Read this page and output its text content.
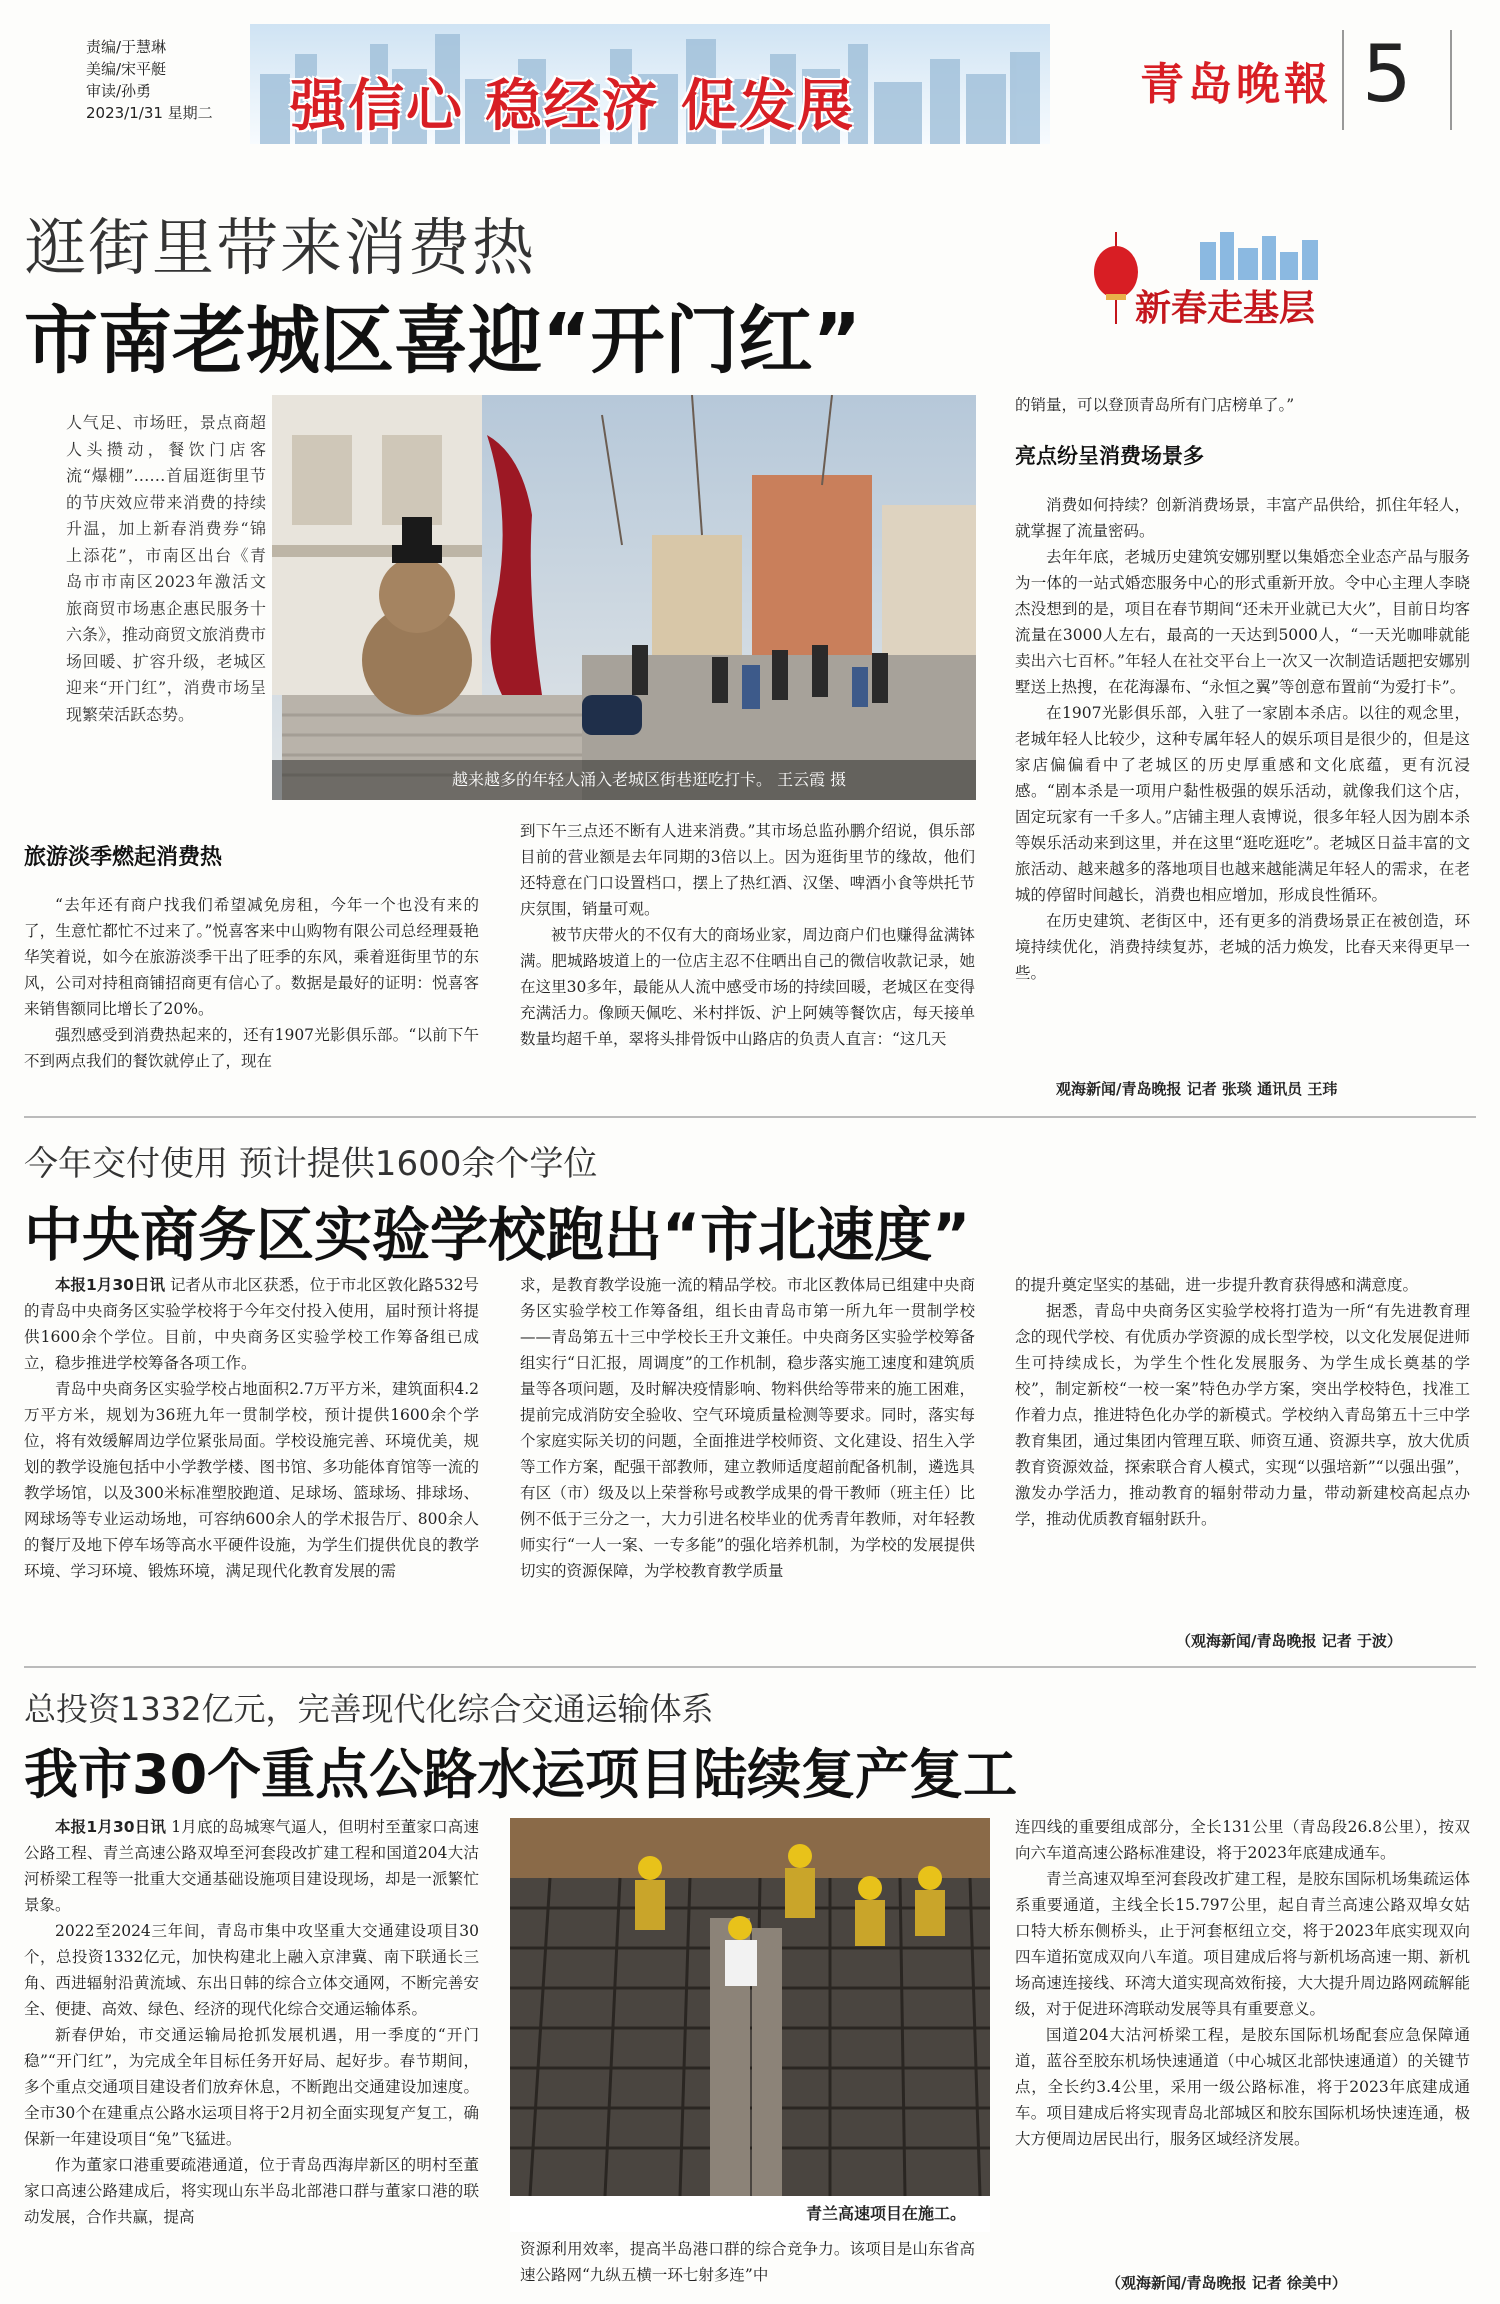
责编/于慧琳
美编/宋平艇
审读/孙勇
2023/1/31 星期二 强信心 稳经济 促发展	青岛晚報 5
逛街里带来消费热
市南老城区喜迎“开门红”	新春走基层
人气足、市场旺，景点商超人头攒动，餐饮门店客流“爆棚”……首届逛街里节的节庆效应带来消费的持续升温，加上新春消费券“锦上添花”，市南区出台《青岛市市南区2023年激活文旅商贸市场惠企惠民服务十六条》，推动商贸文旅消费市场回暖、扩容升级，老城区迎来“开门红”，消费市场呈现繁荣活跃态势。
越来越多的年轻人涌入老城区街巷逛吃打卡。 王云霞 摄
旅游淡季燃起消费热

“去年还有商户找我们希望减免房租，今年一个也没有来的了，生意忙都忙不过来了。”悦喜客来中山购物有限公司总经理聂艳华笑着说，如今在旅游淡季干出了旺季的东风，乘着逛街里节的东风，公司对持租商铺招商更有信心了。数据是最好的证明：悦喜客来销售额同比增长了20%。

强烈感受到消费热起来的，还有1907光影俱乐部。“以前下午不到两点我们的餐饮就停止了，现在

到下午三点还不断有人进来消费。”其市场总监孙鹏介绍说，俱乐部目前的营业额是去年同期的3倍以上。因为逛街里节的缘故，他们还特意在门口设置档口，摆上了热红酒、汉堡、啤酒小食等烘托节庆氛围，销量可观。

被节庆带火的不仅有大的商场业家，周边商户们也赚得盆满钵满。肥城路坡道上的一位店主忍不住晒出自己的微信收款记录，她在这里30多年，最能从人流中感受市场的持续回暖，老城区在变得充满活力。像顾天佩吃、米村拌饭、沪上阿姨等餐饮店，每天接单数量均超千单，翠将头排骨饭中山路店的负责人直言：“这几天

的销量，可以登顶青岛所有门店榜单了。”

亮点纷呈消费场景多

消费如何持续？创新消费场景，丰富产品供给，抓住年轻人，就掌握了流量密码。

去年年底，老城历史建筑安娜别墅以集婚恋全业态产品与服务为一体的一站式婚恋服务中心的形式重新开放。令中心主理人李晓杰没想到的是，项目在春节期间“还未开业就已大火”，目前日均客流量在3000人左右，最高的一天达到5000人，“一天光咖啡就能卖出六七百杯。”年轻人在社交平台上一次又一次制造话题把安娜别墅送上热搜，在花海瀑布、“永恒之翼”等创意布置前“为爱打卡”。

在1907光影俱乐部，入驻了一家剧本杀店。以往的观念里，老城年轻人比较少，这种专属年轻人的娱乐项目是很少的，但是这家店偏偏看中了老城区的历史厚重感和文化底蕴，更有沉浸感。“剧本杀是一项用户黏性极强的娱乐活动，就像我们这个店，固定玩家有一千多人。”店铺主理人袁博说，很多年轻人因为剧本杀等娱乐活动来到这里，并在这里“逛吃逛吃”。老城区日益丰富的文旅活动、越来越多的落地项目也越来越能满足年轻人的需求，在老城的停留时间越长，消费也相应增加，形成良性循环。

在历史建筑、老街区中，还有更多的消费场景正在被创造，环境持续优化，消费持续复苏，老城的活力焕发，比春天来得更早一些。

观海新闻/青岛晚报 记者 张琰 通讯员 王玮
今年交付使用 预计提供1600余个学位
中央商务区实验学校跑出“市北速度”

本报1月30日讯 记者从市北区获悉，位于市北区敦化路532号的青岛中央商务区实验学校将于今年交付投入使用，届时预计将提供1600余个学位。目前，中央商务区实验学校工作筹备组已成立，稳步推进学校筹备各项工作。

青岛中央商务区实验学校占地面积2.7万平方米，建筑面积4.2万平方米，规划为36班九年一贯制学校，预计提供1600余个学位，将有效缓解周边学位紧张局面。学校设施完善、环境优美，规划的教学设施包括中小学教学楼、图书馆、多功能体育馆等一流的教学场馆，以及300米标准塑胶跑道、足球场、篮球场、排球场、网球场等专业运动场地，可容纳600余人的学术报告厅、800余人的餐厅及地下停车场等高水平硬件设施，为学生们提供优良的教学环境、学习环境、锻炼环境，满足现代化教育发展的需

求，是教育教学设施一流的精品学校。市北区教体局已组建中央商务区实验学校工作筹备组，组长由青岛市第一所九年一贯制学校——青岛第五十三中学校长王升文兼任。中央商务区实验学校筹备组实行“日汇报，周调度”的工作机制，稳步落实施工速度和建筑质量等各项问题，及时解决疫情影响、物料供给等带来的施工困难，提前完成消防安全验收、空气环境质量检测等要求。同时，落实每个家庭实际关切的问题，全面推进学校师资、文化建设、招生入学等工作方案，配强干部教师，建立教师适度超前配备机制，遴选具有区（市）级及以上荣誉称号或教学成果的骨干教师（班主任）比例不低于三分之一，大力引进名校毕业的优秀青年教师，对年轻教师实行“一人一案、一专多能”的强化培养机制，为学校的发展提供切实的资源保障，为学校教育教学质量

的提升奠定坚实的基础，进一步提升教育获得感和满意度。

据悉，青岛中央商务区实验学校将打造为一所“有先进教育理念的现代学校、有优质办学资源的成长型学校，以文化发展促进师生可持续成长，为学生个性化发展服务、为学生成长奠基的学校”，制定新校“一校一案”特色办学方案，突出学校特色，找准工作着力点，推进特色化办学的新模式。学校纳入青岛第五十三中学教育集团，通过集团内管理互联、师资互通、资源共享，放大优质教育资源效益，探索联合育人模式，实现“以强培新”“以强出强”，激发办学活力，推动教育的辐射带动力量，带动新建校高起点办学，推动优质教育辐射跃升。

（观海新闻/青岛晚报 记者 于波）
总投资1332亿元，完善现代化综合交通运输体系
我市30个重点公路水运项目陆续复产复工

本报1月30日讯 1月底的岛城寒气逼人，但明村至董家口高速公路工程、青兰高速公路双埠至河套段改扩建工程和国道204大沽河桥梁工程等一批重大交通基础设施项目建设现场，却是一派繁忙景象。

2022至2024三年间，青岛市集中攻坚重大交通建设项目30个，总投资1332亿元，加快构建北上融入京津冀、南下联通长三角、西进辐射沿黄流域、东出日韩的综合立体交通网，不断完善安全、便捷、高效、绿色、经济的现代化综合交通运输体系。

新春伊始，市交通运输局抢抓发展机遇，用一季度的“开门稳”“开门红”，为完成全年目标任务开好局、起好步。春节期间，多个重点交通项目建设者们放弃休息，不断跑出交通建设加速度。全市30个在建重点公路水运项目将于2月初全面实现复产复工，确保新一年建设项目“兔”飞猛进。

作为董家口港重要疏港通道，位于青岛西海岸新区的明村至董家口高速公路建成后，将实现山东半岛北部港口群与董家口港的联动发展，合作共赢，提高	青兰高速项目在施工。

资源利用效率，提高半岛港口群的综合竞争力。该项目是山东省高速公路网“九纵五横一环七射多连”中

连四线的重要组成部分，全长131公里（青岛段26.8公里），按双向六车道高速公路标准建设，将于2023年底建成通车。

青兰高速双埠至河套段改扩建工程，是胶东国际机场集疏运体系重要通道，主线全长15.797公里，起自青兰高速公路双埠女姑口特大桥东侧桥头，止于河套枢纽立交，将于2023年底实现双向四车道拓宽成双向八车道。项目建成后将与新机场高速一期、新机场高速连接线、环湾大道实现高效衔接，大大提升周边路网疏解能级，对于促进环湾联动发展等具有重要意义。

国道204大沽河桥梁工程，是胶东国际机场配套应急保障通道，蓝谷至胶东机场快速通道（中心城区北部快速通道）的关键节点，全长约3.4公里，采用一级公路标准，将于2023年底建成通车。项目建成后将实现青岛北部城区和胶东国际机场快速连通，极大方便周边居民出行，服务区域经济发展。

（观海新闻/青岛晚报 记者 徐美中）
